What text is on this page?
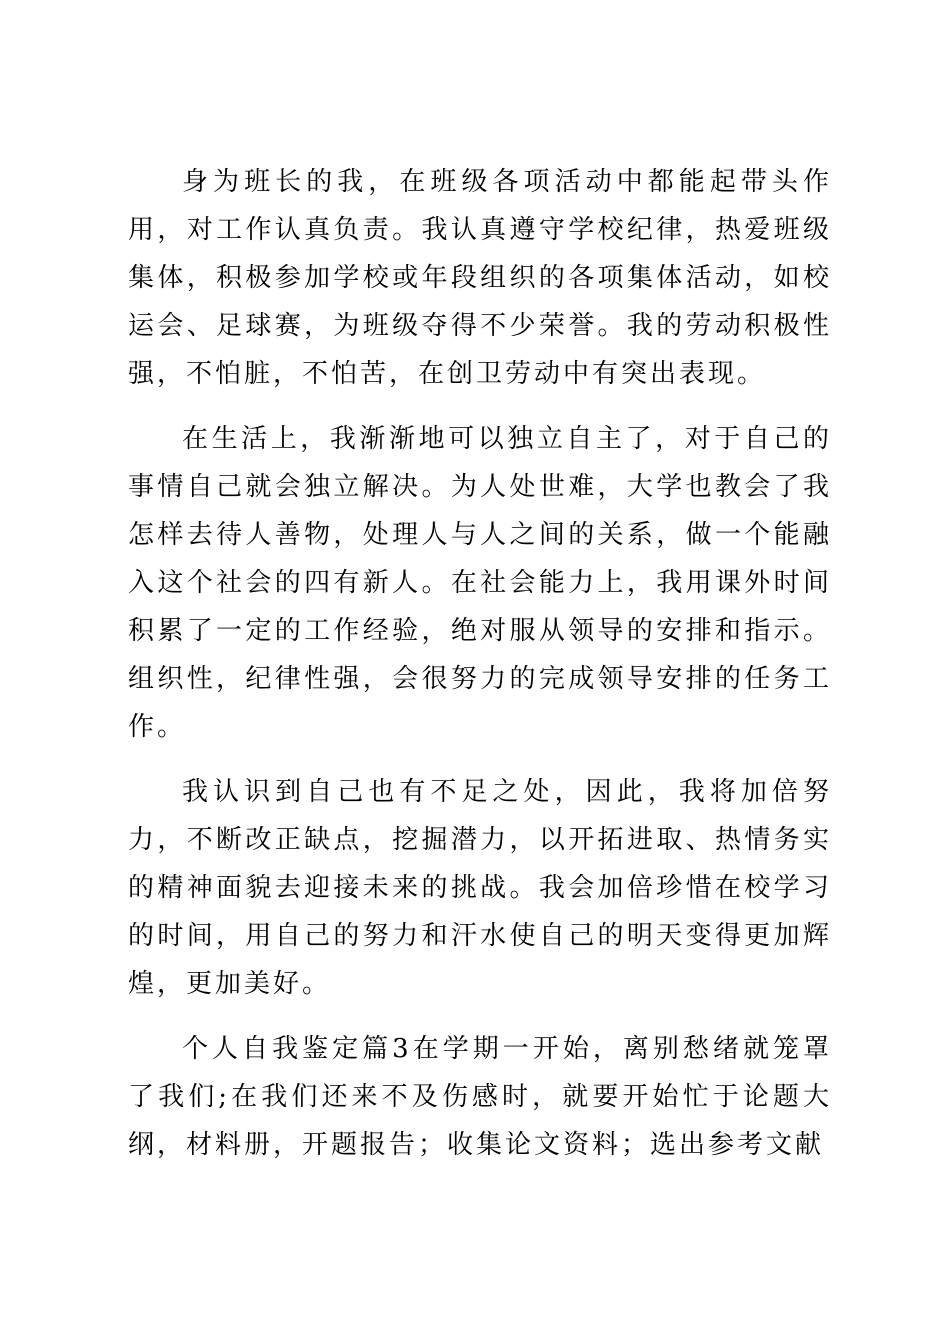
身为班长的我，在班级各项活动中都能起带头作用，对工作认真负责。我认真遵守学校纪律，热爱班级集体，积极参加学校或年段组织的各项集体活动，如校运会、足球赛，为班级夺得不少荣誉。我的劳动积极性强，不怕脏，不怕苦，在创卫劳动中有突出表现。

在生活上，我渐渐地可以独立自主了，对于自己的事情自己就会独立解决。为人处世难，大学也教会了我怎样去待人善物，处理人与人之间的关系，做一个能融入这个社会的四有新人。在社会能力上，我用课外时间积累了一定的工作经验，绝对服从领导的安排和指示。组织性，纪律性强，会很努力的完成领导安排的任务工作。

我认识到自己也有不足之处，因此，我将加倍努力，不断改正缺点，挖掘潜力，以开拓进取、热情务实的精神面貌去迎接未来的挑战。我会加倍珍惜在校学习的时间，用自己的努力和汗水使自己的明天变得更加辉煌，更加美好。

个人自我鉴定篇3在学期一开始，离别愁绪就笼罩了我们;在我们还来不及伤感时，就要开始忙于论题大纲，材料册，开题报告；收集论文资料；选出参考文献
